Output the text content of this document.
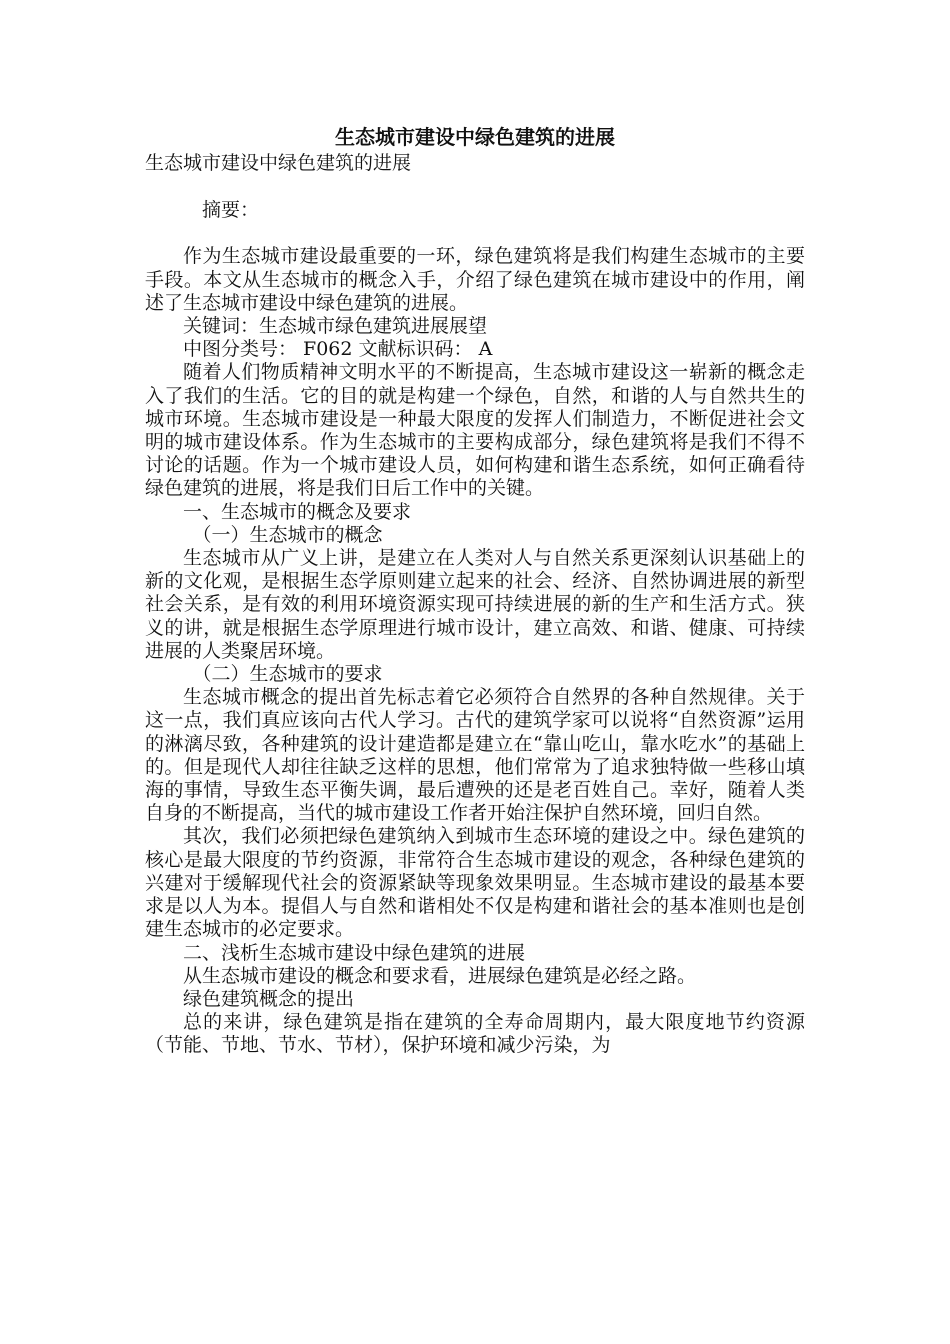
生态城市建设中绿色建筑的进展

生态城市建设中绿色建筑的进展

摘要：

作为生态城市建设最重要的一环，绿色建筑将是我们构建生态城市的主要手段。本文从生态城市的概念入手，介绍了绿色建筑在城市建设中的作用，阐述了生态城市建设中绿色建筑的进展。

关键词：生态城市绿色建筑进展展望

中图分类号： F062 文献标识码： A

随着人们物质精神文明水平的不断提高，生态城市建设这一崭新的概念走入了我们的生活。它的目的就是构建一个绿色，自然，和谐的人与自然共生的城市环境。生态城市建设是一种最大限度的发挥人们制造力，不断促进社会文明的城市建设体系。作为生态城市的主要构成部分，绿色建筑将是我们不得不讨论的话题。作为一个城市建设人员，如何构建和谐生态系统，如何正确看待绿色建筑的进展，将是我们日后工作中的关键。

一、生态城市的概念及要求

（一）生态城市的概念

生态城市从广义上讲，是建立在人类对人与自然关系更深刻认识基础上的新的文化观，是根据生态学原则建立起来的社会、经济、自然协调进展的新型社会关系，是有效的利用环境资源实现可持续进展的新的生产和生活方式。狭义的讲，就是根据生态学原理进行城市设计，建立高效、和谐、健康、可持续进展的人类聚居环境。

（二）生态城市的要求

生态城市概念的提出首先标志着它必须符合自然界的各种自然规律。关于这一点，我们真应该向古代人学习。古代的建筑学家可以说将“自然资源”运用的淋漓尽致，各种建筑的设计建造都是建立在“靠山吃山，靠水吃水”的基础上的。但是现代人却往往缺乏这样的思想，他们常常为了追求独特做一些移山填海的事情，导致生态平衡失调，最后遭殃的还是老百姓自己。幸好，随着人类自身的不断提高，当代的城市建设工作者开始注保护自然环境，回归自然。

其次，我们必须把绿色建筑纳入到城市生态环境的建设之中。绿色建筑的核心是最大限度的节约资源，非常符合生态城市建设的观念，各种绿色建筑的兴建对于缓解现代社会的资源紧缺等现象效果明显。生态城市建设的最基本要求是以人为本。提倡人与自然和谐相处不仅是构建和谐社会的基本准则也是创建生态城市的必定要求。

二、浅析生态城市建设中绿色建筑的进展

从生态城市建设的概念和要求看，进展绿色建筑是必经之路。

绿色建筑概念的提出

总的来讲，绿色建筑是指在建筑的全寿命周期内，最大限度地节约资源（节能、节地、节水、节材），保护环境和减少污染，为
